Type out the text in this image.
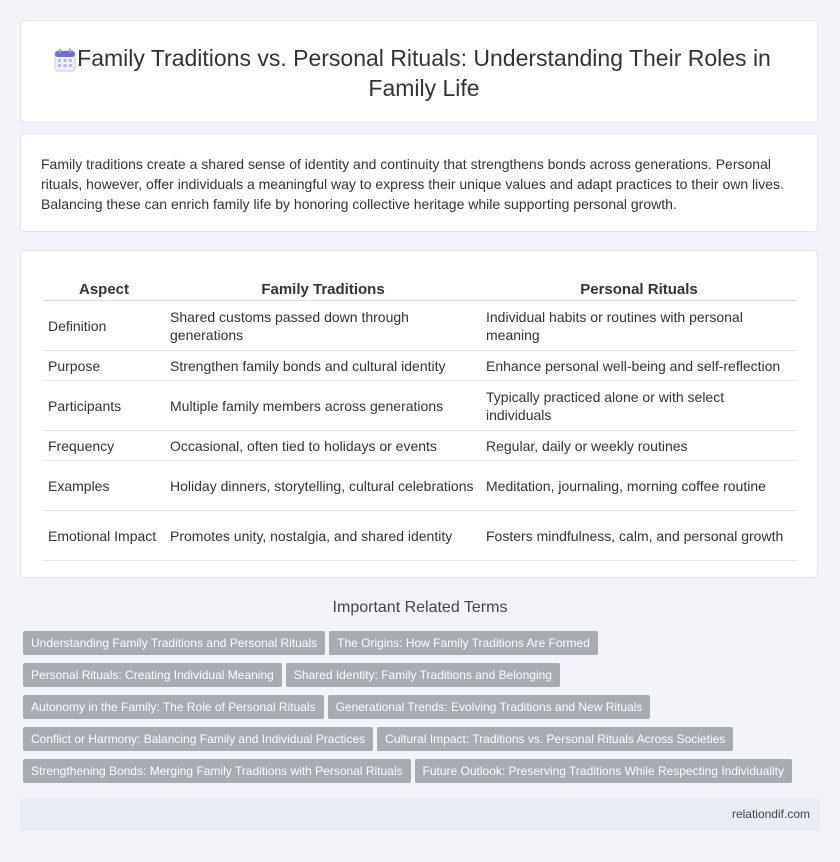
Family Traditions vs. Personal Rituals: Understanding Their Roles in Family Life

Family traditions create a shared sense of identity and continuity that strengthens bonds across generations. Personal rituals, however, offer individuals a meaningful way to express their unique values and adapt practices to their own lives. Balancing these can enrich family life by honoring collective heritage while supporting personal growth.

Aspect	Family Traditions	Personal Rituals
Definition	Shared customs passed down through generations	Individual habits or routines with personal meaning
Purpose	Strengthen family bonds and cultural identity	Enhance personal well-being and self-reflection
Participants	Multiple family members across generations	Typically practiced alone or with select individuals
Frequency	Occasional, often tied to holidays or events	Regular, daily or weekly routines
Examples	Holiday dinners, storytelling, cultural celebrations	Meditation, journaling, morning coffee routine
Emotional Impact	Promotes unity, nostalgia, and shared identity	Fosters mindfulness, calm, and personal growth
Important Related Terms
Understanding Family Traditions and Personal Rituals The Origins: How Family Traditions Are Formed
Personal Rituals: Creating Individual Meaning Shared Identity: Family Traditions and Belonging
Autonomy in the Family: The Role of Personal Rituals Generational Trends: Evolving Traditions and New Rituals
Conflict or Harmony: Balancing Family and Individual Practices Cultural Impact: Traditions vs. Personal Rituals Across Societies
Strengthening Bonds: Merging Family Traditions with Personal Rituals Future Outlook: Preserving Traditions While Respecting Individuality
relationdif.com
